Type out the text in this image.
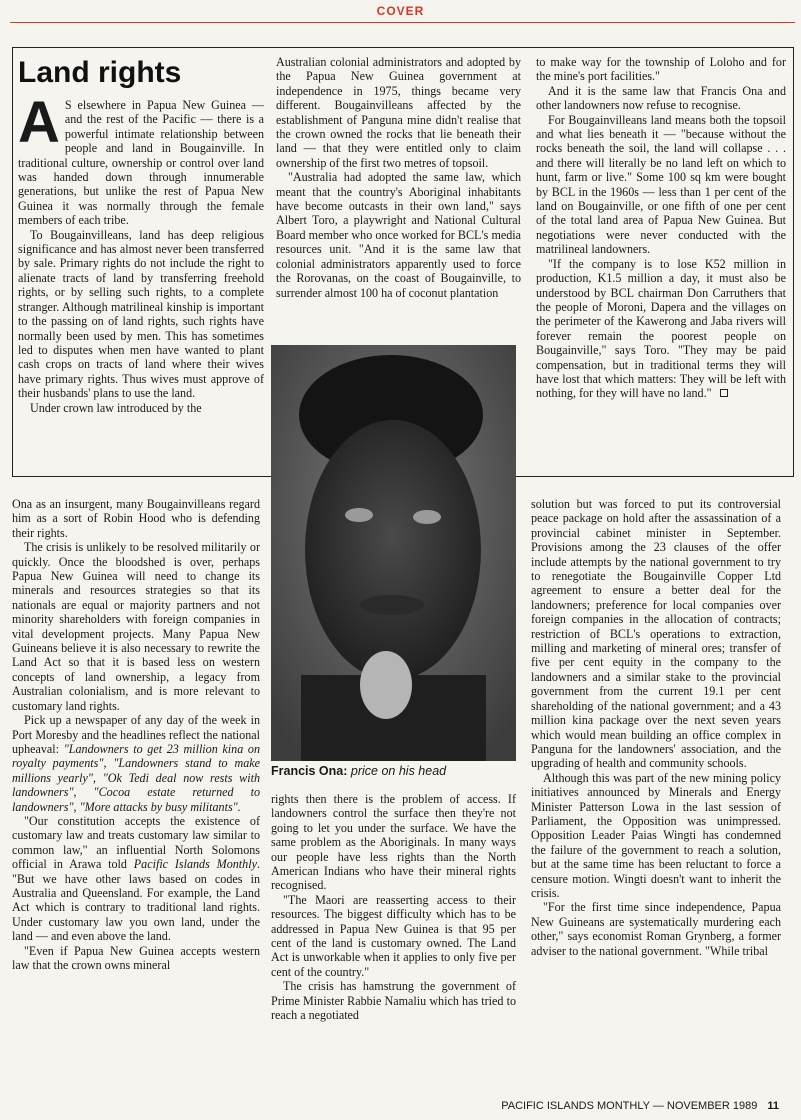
COVER
Land rights

A S elsewhere in Papua New Guinea — and the rest of the Pacific — there is a powerful intimate relationship between people and land in Bougainville. In traditional culture, ownership or control over land was handed down through innumerable generations, but unlike the rest of Papua New Guinea it was normally through the female members of each tribe.

To Bougainvilleans, land has deep religious significance and has almost never been transferred by sale. Primary rights do not include the right to alienate tracts of land by transferring freehold rights, or by selling such rights, to a complete stranger. Although matrilineal kinship is important to the passing on of land rights, such rights have normally been used by men. This has sometimes led to disputes when men have wanted to plant cash crops on tracts of land where their wives have primary rights. Thus wives must approve of their husbands' plans to use the land.

Under crown law introduced by the

Australian colonial administrators and adopted by the Papua New Guinea government at independence in 1975, things became very different. Bougainvilleans affected by the establishment of Panguna mine didn't realise that the crown owned the rocks that lie beneath their land — that they were entitled only to claim ownership of the first two metres of topsoil.

"Australia had adopted the same law, which meant that the country's Aboriginal inhabitants have become outcasts in their own land," says Albert Toro, a playwright and National Cultural Board member who once worked for BCL's media resources unit. "And it is the same law that colonial administrators apparently used to force the Rorovanas, on the coast of Bougainville, to surrender almost 100 ha of coconut plantation

to make way for the township of Loloho and for the mine's port facilities."

And it is the same law that Francis Ona and other landowners now refuse to recognise.

For Bougainvilleans land means both the topsoil and what lies beneath it — "because without the rocks beneath the soil, the land will collapse . . . and there will literally be no land left on which to hunt, farm or live." Some 100 sq km were bought by BCL in the 1960s — less than 1 per cent of the land on Bougainville, or one fifth of one per cent of the total land area of Papua New Guinea. But negotiations were never conducted with the matrilineal landowners.

"If the company is to lose K52 million in production, K1.5 million a day, it must also be understood by BCL chairman Don Carruthers that the people of Moroni, Dapera and the villages on the perimeter of the Kawerong and Jaba rivers will forever remain the poorest people on Bougainville," says Toro. "They may be paid compensation, but in traditional terms they will have lost that which matters: They will be left with nothing, for they will have no land."

Francis Ona: price on his head

Ona as an insurgent, many Bougainvilleans regard him as a sort of Robin Hood who is defending their rights.

The crisis is unlikely to be resolved militarily or quickly. Once the bloodshed is over, perhaps Papua New Guinea will need to change its minerals and resources strategies so that its nationals are equal or majority partners and not minority shareholders with foreign companies in vital development projects. Many Papua New Guineans believe it is also necessary to rewrite the Land Act so that it is based less on western concepts of land ownership, a legacy from Australian colonialism, and is more relevant to customary land rights.

Pick up a newspaper of any day of the week in Port Moresby and the headlines reflect the national upheaval: "Landowners to get 23 million kina on royalty payments", "Landowners stand to make millions yearly", "Ok Tedi deal now rests with landowners", "Cocoa estate returned to landowners", "More attacks by busy militants".

"Our constitution accepts the existence of customary law and treats customary law similar to common law," an influential North Solomons official in Arawa told Pacific Islands Monthly. "But we have other laws based on codes in Australia and Queensland. For example, the Land Act which is contrary to traditional land rights. Under customary law you own land, under the land — and even above the land.

"Even if Papua New Guinea accepts western law that the crown owns mineral

rights then there is the problem of access. If landowners control the surface then they're not going to let you under the surface. We have the same problem as the Aboriginals. In many ways our people have less rights than the North American Indians who have their mineral rights recognised.

"The Maori are reasserting access to their resources. The biggest difficulty which has to be addressed in Papua New Guinea is that 95 per cent of the land is customary owned. The Land Act is unworkable when it applies to only five per cent of the country."

The crisis has hamstrung the government of Prime Minister Rabbie Namaliu which has tried to reach a negotiated

solution but was forced to put its controversial peace package on hold after the assassination of a provincial cabinet minister in September. Provisions among the 23 clauses of the offer include attempts by the national government to try to renegotiate the Bougainville Copper Ltd agreement to ensure a better deal for the landowners; preference for local companies over foreign companies in the allocation of contracts; restriction of BCL's operations to extraction, milling and marketing of mineral ores; transfer of five per cent equity in the company to the landowners and a similar stake to the provincial government from the current 19.1 per cent shareholding of the national government; and a 43 million kina package over the next seven years which would mean building an office complex in Panguna for the landowners' association, and the upgrading of health and community schools.

Although this was part of the new mining policy initiatives announced by Minerals and Energy Minister Patterson Lowa in the last session of Parliament, the Opposition was unimpressed. Opposition Leader Paias Wingti has condemned the failure of the government to reach a solution, but at the same time has been reluctant to force a censure motion. Wingti doesn't want to inherit the crisis.

"For the first time since independence, Papua New Guineans are systematically murdering each other," says economist Roman Grynberg, a former adviser to the national government. "While tribal

PACIFIC ISLANDS MONTHLY — NOVEMBER 1989 11
